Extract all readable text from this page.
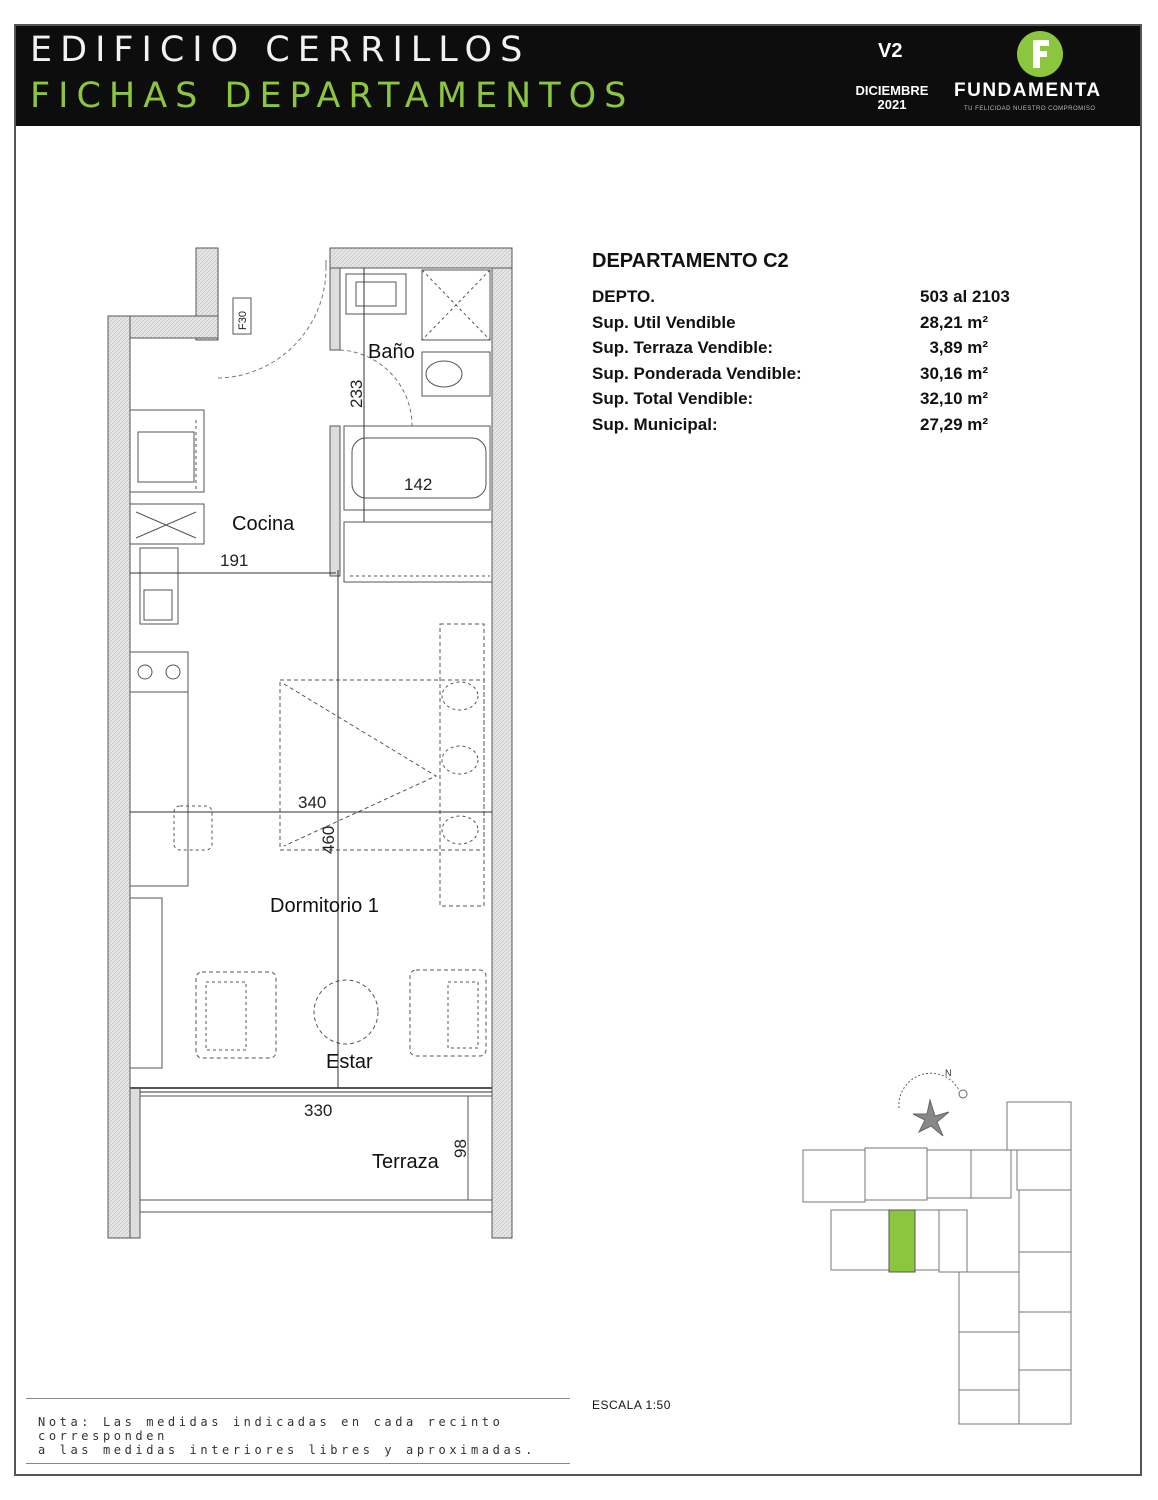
EDIFICIO CERRILLOS
FICHAS DEPARTAMENTOS
V2
DICIEMBRE
2021
FUNDAMENTA
TU FELICIDAD NUESTRO COMPROMISO
DEPARTAMENTO C2
DEPTO.	503 al 2103
Sup. Util Vendible	28,21 m²
Sup. Terraza Vendible:	3,89 m²
Sup. Ponderada Vendible:	30,16 m²
Sup. Total Vendible:	32,10 m²
Sup. Municipal:	27,29 m²
Baño
Cocina
Dormitorio 1
Estar
Terraza
233
142
191
340
460
330
98
F30
N
ESCALA 1:50
Nota: Las medidas indicadas en cada recinto corresponden
a las medidas interiores libres y aproximadas.
